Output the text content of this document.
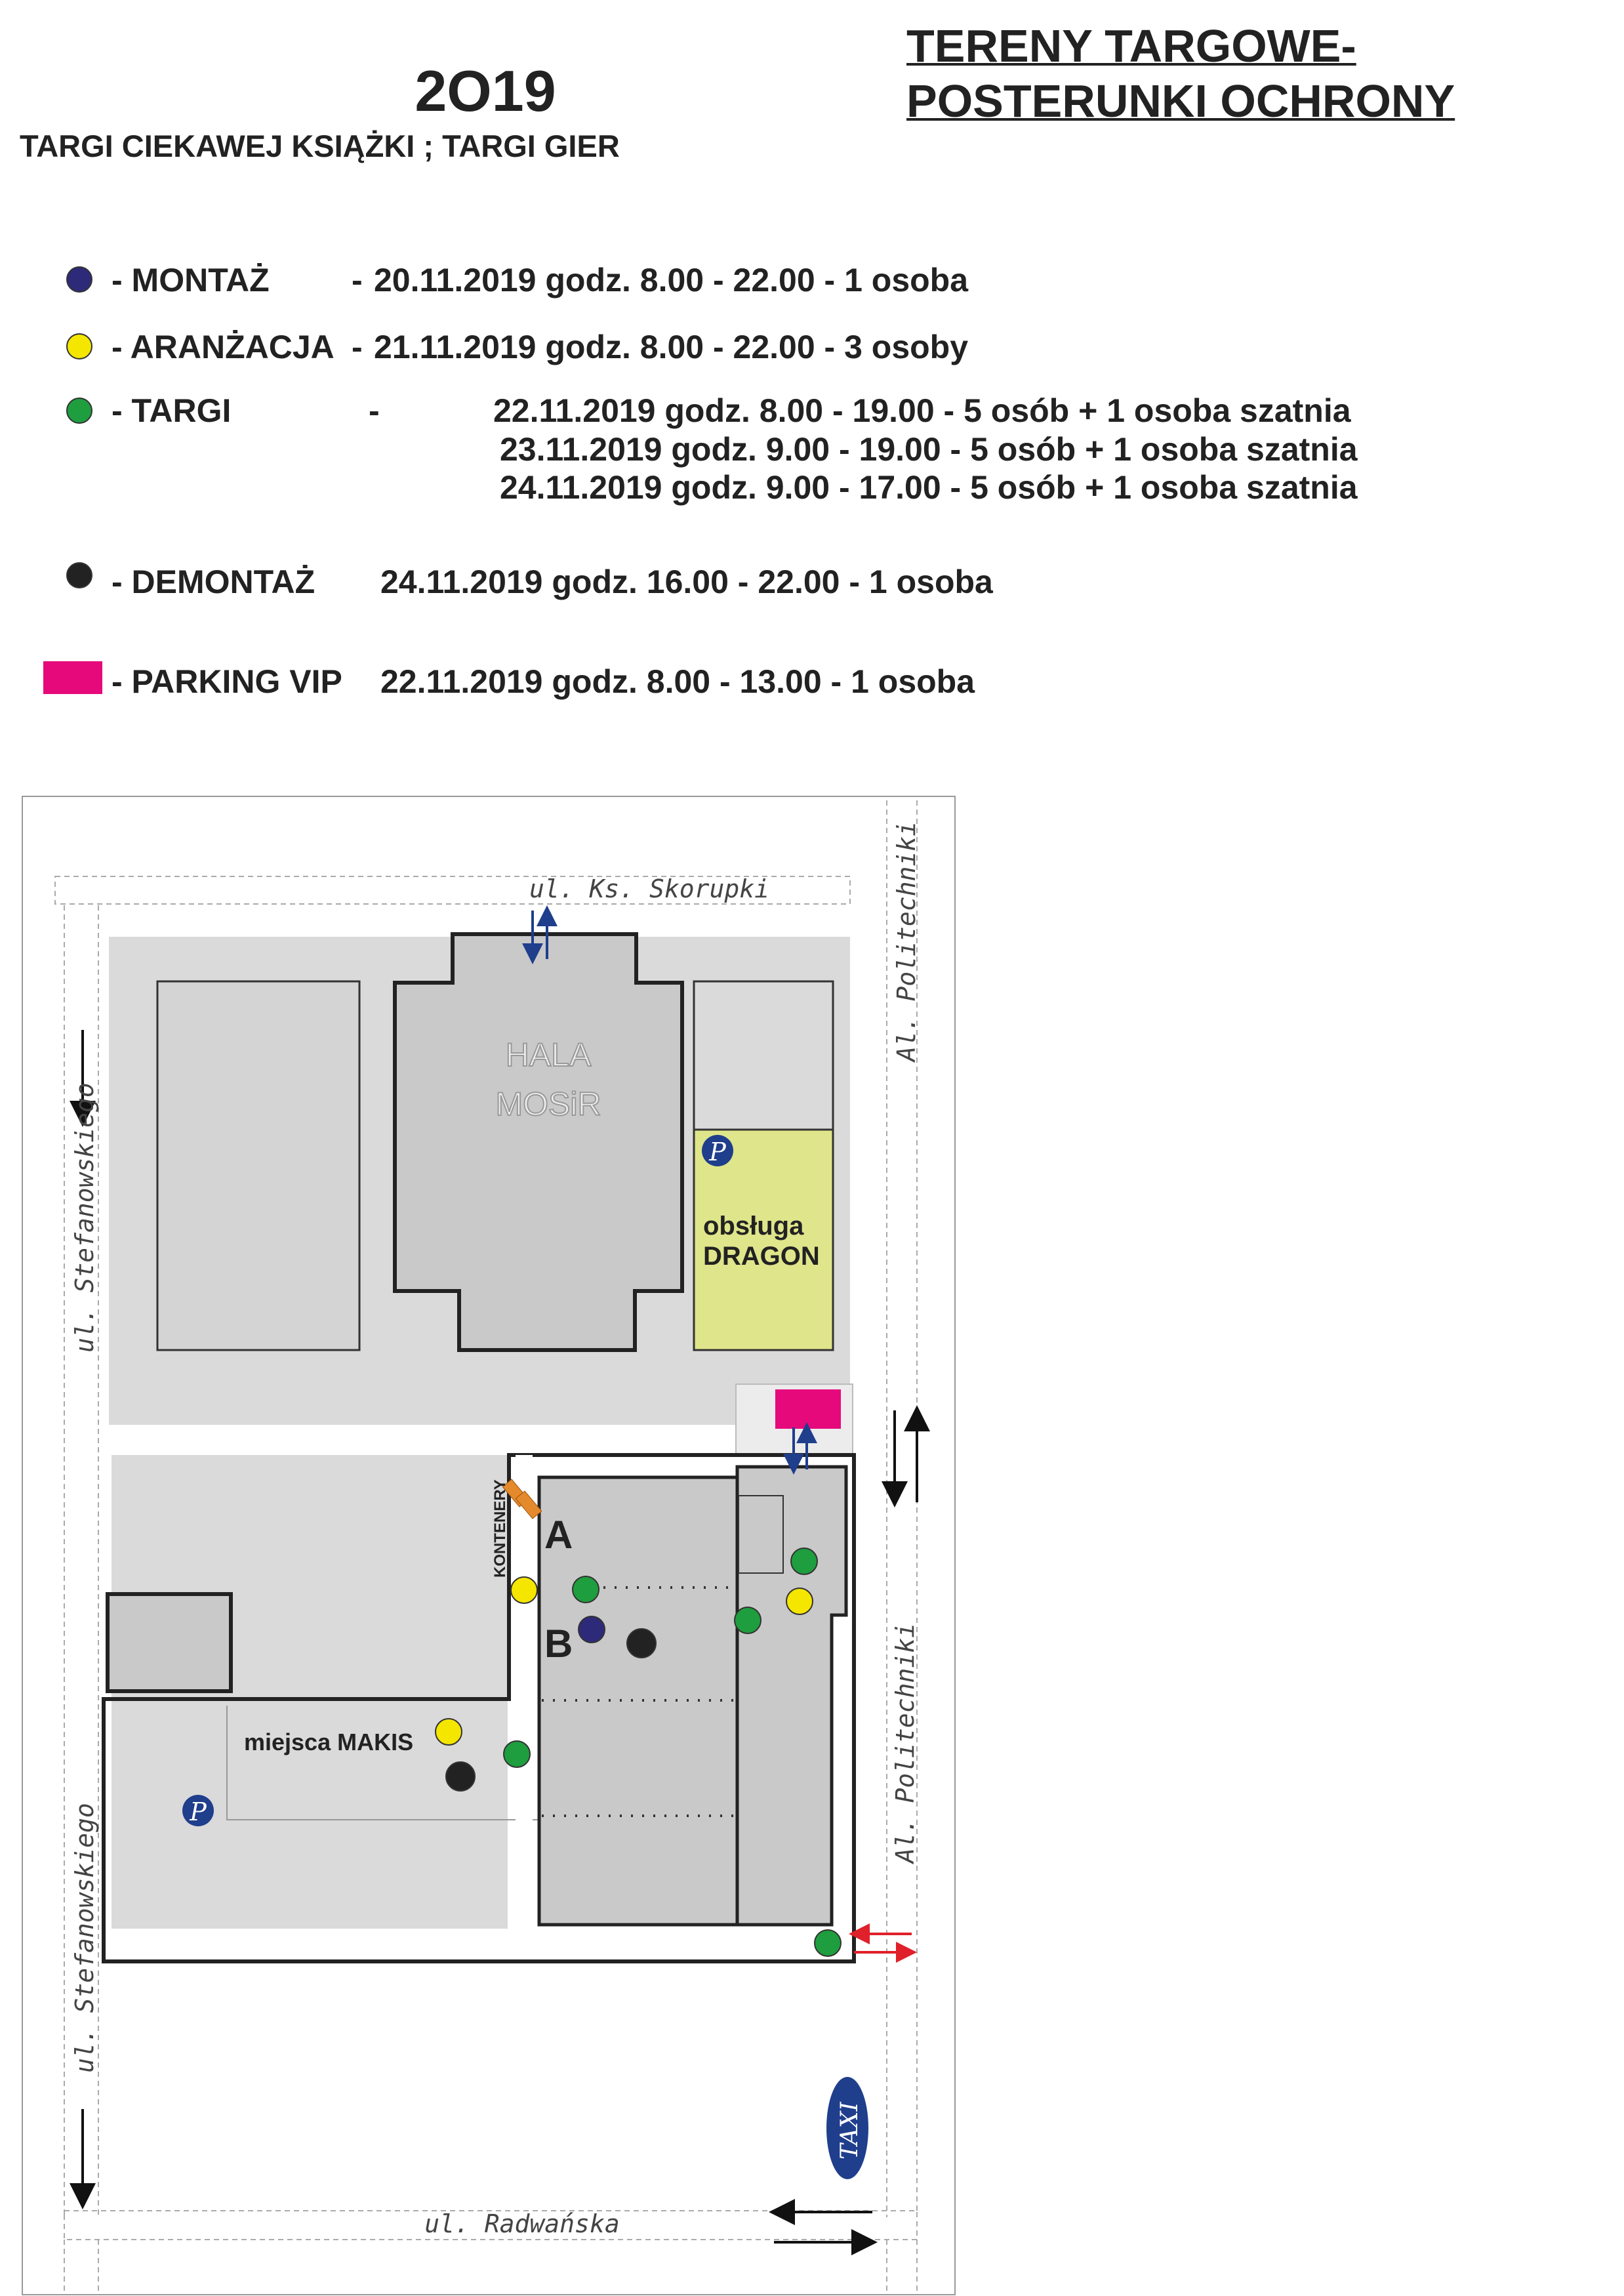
2O19
TARGI CIEKAWEJ KSIĄŻKI ; TARGI GIER
TERENY TARGOWE-
POSTERUNKI OCHRONY
- MONTAŻ	- 20.11.2019 godz. 8.00 - 22.00 - 1 osoba
- ARANŻACJA - 21.11.2019 godz. 8.00 - 22.00 - 3 osoby
- TARGI	-	22.11.2019 godz. 8.00 - 19.00 - 5 osób + 1 osoba szatnia
23.11.2019 godz. 9.00 - 19.00 - 5 osób + 1 osoba szatnia
24.11.2019 godz. 9.00 - 17.00 - 5 osób + 1 osoba szatnia
- DEMONTAŻ 24.11.2019 godz. 16.00 - 22.00 - 1 osoba
- PARKING VIP 22.11.2019 godz. 8.00 - 13.00 - 1 osoba
HALA
MOSiR
P
obsługa
DRAGON
A
B
KONTENERY
miejsca MAKIS
P
ul. Ks. Skorupki
ul. Stefanowskiego
ul. Stefanowskiego
Al. Politechniki
Al. Politechniki
ul. Radwańska
TAXI
